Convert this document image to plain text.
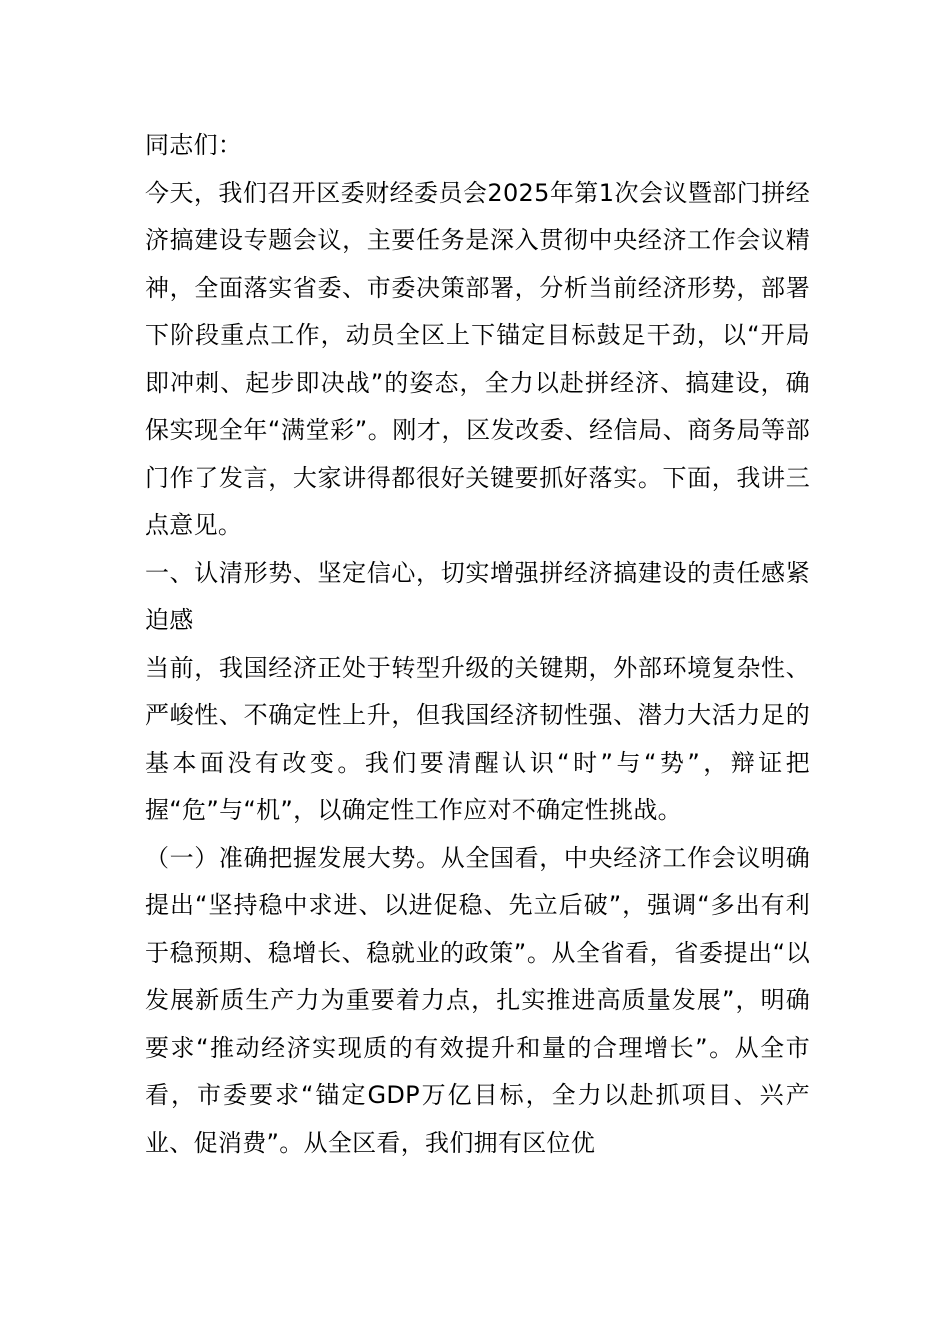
同志们：

今天，我们召开区委财经委员会2025年第1次会议暨部门拼经济搞建设专题会议，主要任务是深入贯彻中央经济工作会议精神，全面落实省委、市委决策部署，分析当前经济形势，部署下阶段重点工作，动员全区上下锚定目标鼓足干劲，以“开局即冲刺、起步即决战”的姿态，全力以赴拼经济、搞建设，确保实现全年“满堂彩”。刚才，区发改委、经信局、商务局等部门作了发言，大家讲得都很好关键要抓好落实。下面，我讲三点意见。

一、认清形势、坚定信心，切实增强拼经济搞建设的责任感紧迫感

当前，我国经济正处于转型升级的关键期，外部环境复杂性、严峻性、不确定性上升，但我国经济韧性强、潜力大活力足的基本面没有改变。我们要清醒认识“时”与“势”，辩证把握“危”与“机”，以确定性工作应对不确定性挑战。

（一）准确把握发展大势。从全国看，中央经济工作会议明确提出“坚持稳中求进、以进促稳、先立后破”，强调“多出有利于稳预期、稳增长、稳就业的政策”。从全省看，省委提出“以发展新质生产力为重要着力点，扎实推进高质量发展”，明确要求“推动经济实现质的有效提升和量的合理增长”。从全市看，市委要求“锚定GDP万亿目标，全力以赴抓项目、兴产业、促消费”。从全区看，我们拥有区位优
